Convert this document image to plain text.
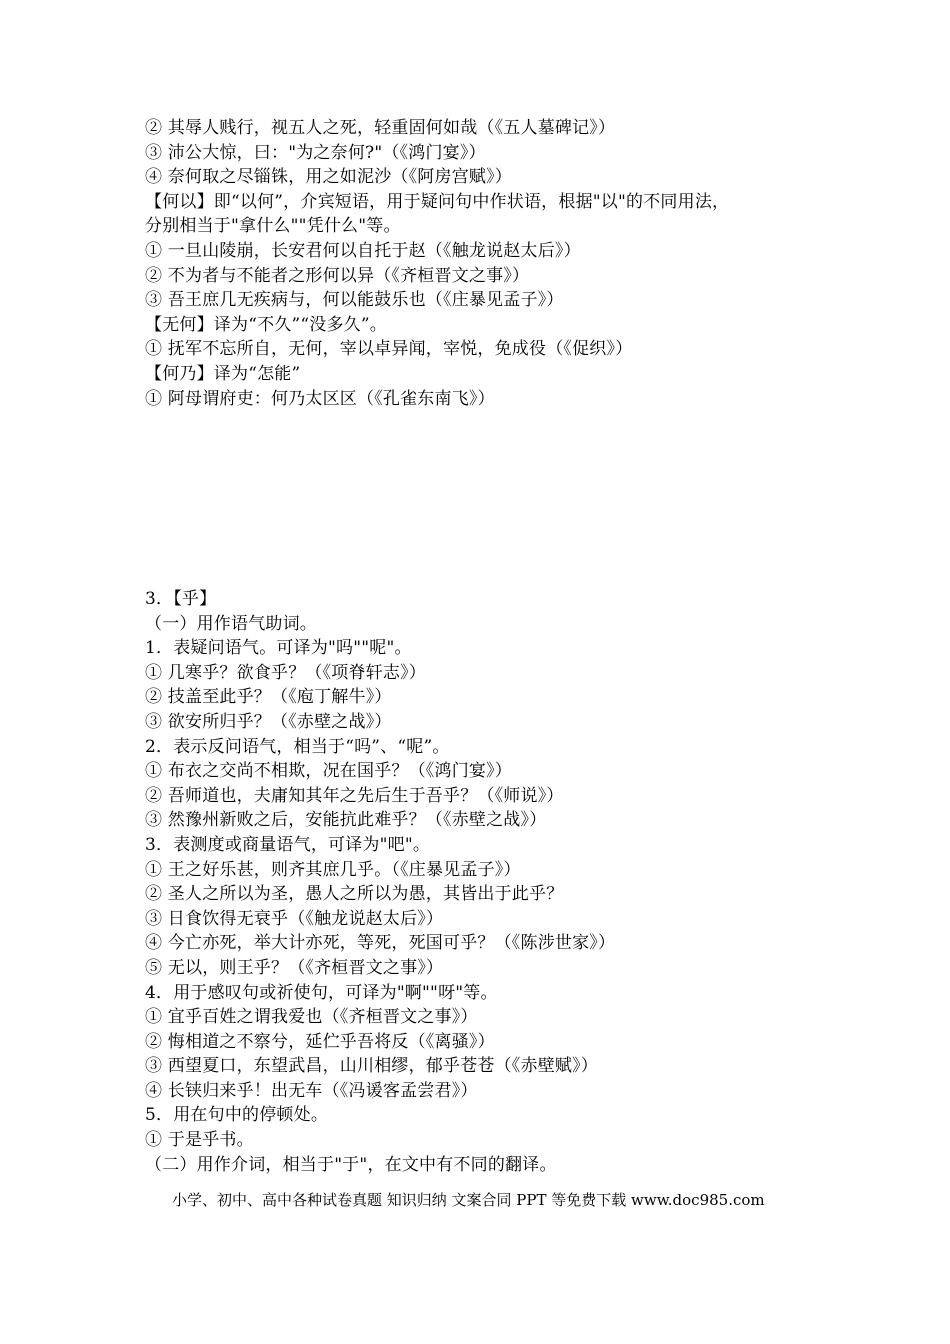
② 其辱人贱行，视五人之死，轻重固何如哉（《五人墓碑记》）
③ 沛公大惊，曰："为之奈何?"（《鸿门宴》）
④ 奈何取之尽锱铢，用之如泥沙（《阿房宫赋》）
【何以】即“以何”，介宾短语，用于疑问句中作状语，根据"以"的不同用法，
分别相当于"拿什么""凭什么"等。
① 一旦山陵崩，长安君何以自托于赵（《触龙说赵太后》）
② 不为者与不能者之形何以异（《齐桓晋文之事》）
③ 吾王庶几无疾病与，何以能鼓乐也（《庄暴见孟子》）
【无何】译为“不久”“没多久”。
① 抚军不忘所自，无何，宰以卓异闻，宰悦，免成役（《促织》）
【何乃】译为“怎能”
① 阿母谓府吏：何乃太区区（《孔雀东南飞》）
3．【乎】
（一）用作语气助词。
1．表疑问语气。可译为"吗""呢"。
① 几寒乎？欲食乎？（《项脊轩志》）
② 技盖至此乎？（《庖丁解牛》）
③ 欲安所归乎？（《赤壁之战》）
2．表示反问语气，相当于“吗”、“呢”。
① 布衣之交尚不相欺，况在国乎？（《鸿门宴》）
② 吾师道也，夫庸知其年之先后生于吾乎？（《师说》）
③ 然豫州新败之后，安能抗此难乎？（《赤壁之战》）
3．表测度或商量语气，可译为"吧"。
① 王之好乐甚，则齐其庶几乎。（《庄暴见孟子》）
② 圣人之所以为圣，愚人之所以为愚，其皆出于此乎？
③ 日食饮得无衰乎（《触龙说赵太后》）
④ 今亡亦死，举大计亦死，等死，死国可乎？（《陈涉世家》）
⑤ 无以，则王乎？（《齐桓晋文之事》）
4．用于感叹句或祈使句，可译为"啊""呀"等。
① 宜乎百姓之谓我爱也（《齐桓晋文之事》）
② 悔相道之不察兮，延伫乎吾将反（《离骚》）
③ 西望夏口，东望武昌，山川相缪，郁乎苍苍（《赤壁赋》）
④ 长铗归来乎！出无车（《冯谖客孟尝君》）
5．用在句中的停顿处。
① 于是乎书。
（二）用作介词，相当于"于"，在文中有不同的翻译。
小学、初中、高中各种试卷真题 知识归纳 文案合同 PPT 等免费下载 www.doc985.com
